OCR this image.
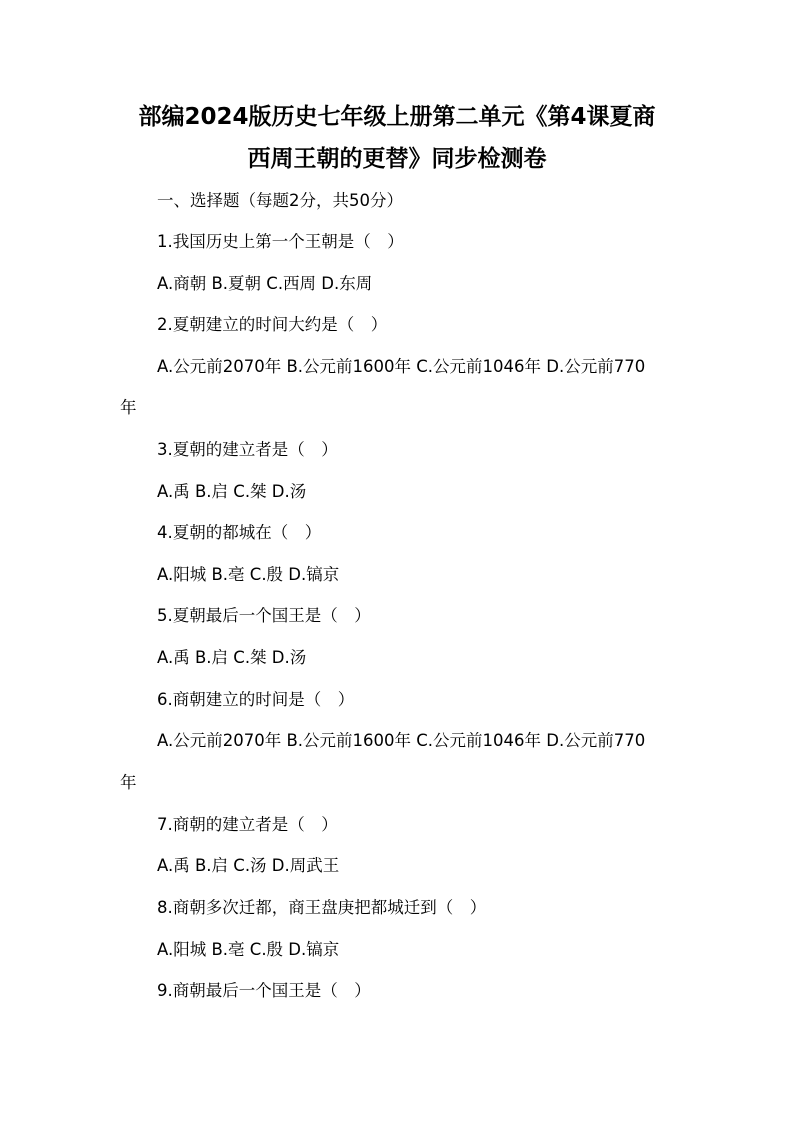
部编2024版历史七年级上册第二单元《第4课夏商
西周王朝的更替》同步检测卷
一、选择题（每题2分，共50分）
1.我国历史上第一个王朝是（　）
A.商朝 B.夏朝 C.西周 D.东周
2.夏朝建立的时间大约是（　）
A.公元前2070年 B.公元前1600年 C.公元前1046年 D.公元前770
年
3.夏朝的建立者是（　）
A.禹 B.启 C.桀 D.汤
4.夏朝的都城在（　）
A.阳城 B.亳 C.殷 D.镐京
5.夏朝最后一个国王是（　）
A.禹 B.启 C.桀 D.汤
6.商朝建立的时间是（　）
A.公元前2070年 B.公元前1600年 C.公元前1046年 D.公元前770
年
7.商朝的建立者是（　）
A.禹 B.启 C.汤 D.周武王
8.商朝多次迁都，商王盘庚把都城迁到（　）
A.阳城 B.亳 C.殷 D.镐京
9.商朝最后一个国王是（　）
